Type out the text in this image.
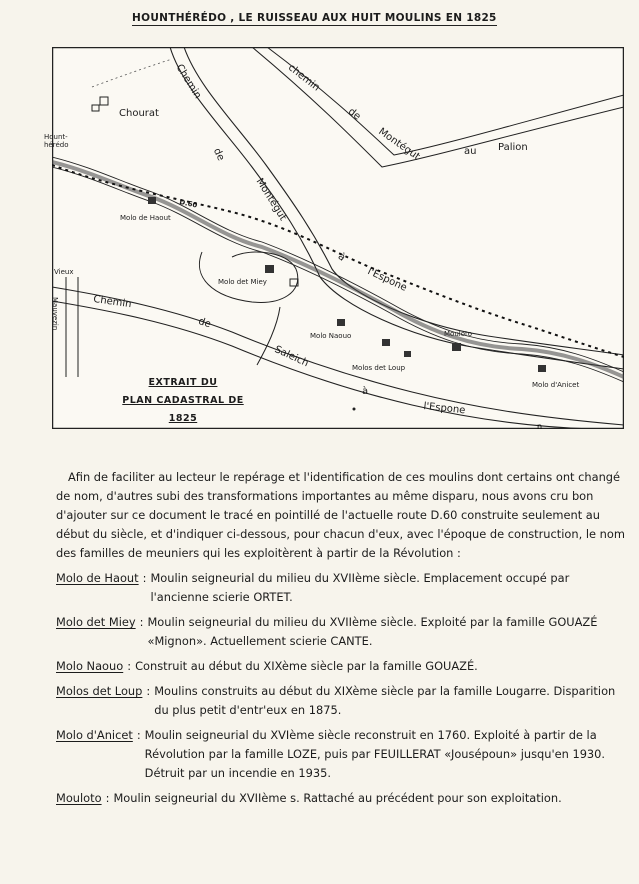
HOUNTHÉRÉDO , LE RUISSEAU AUX HUIT MOULINS EN 1825
n
Chourat
Hount-
hérédo
Chemin
de
Montégut
à
l'Espone
chemin
de
Montégut	au Palion
D.60
Molo de Haout
Molo det Miey
Molo Naouo
Molos det Loup
Mouloto
Molo d'Anicet
Vieux
Mauvezin	Chemin
de
Saleich
à
l'Espone
EXTRAIT DU
PLAN CADASTRAL DE 1825

Afin de faciliter au lecteur le repérage et l'identification de ces moulins dont certains ont changé de nom, d'autres subi des transformations importantes au même disparu, nous avons cru bon d'ajouter sur ce document le tracé en pointillé de l'actuelle route D.60 construite seulement au début du siècle, et d'indiquer ci-dessous, pour chacun d'eux, avec l'époque de construction, le nom des familles de meuniers qui les exploitèrent à partir de la Révolution :

Molo de Haout : Moulin seigneurial du milieu du XVIIème siècle. Emplacement occupé par l'ancienne scierie ORTET.
Molo det Miey : Moulin seigneurial du milieu du XVIIème siècle. Exploité par la famille GOUAZÉ «Mignon». Actuellement scierie CANTE.
Molo Naouo : Construit au début du XIXème siècle par la famille GOUAZÉ.
Molos det Loup : Moulins construits au début du XIXème siècle par la famille Lougarre. Disparition du plus petit d'entr'eux en 1875.
Molo d'Anicet : Moulin seigneurial du XVIème siècle reconstruit en 1760. Exploité à partir de la Révolution par la famille LOZE, puis par FEUILLERAT «Jousépoun» jusqu'en 1930. Détruit par un incendie en 1935.
Mouloto : Moulin seigneurial du XVIIème s. Rattaché au précédent pour son exploitation.
